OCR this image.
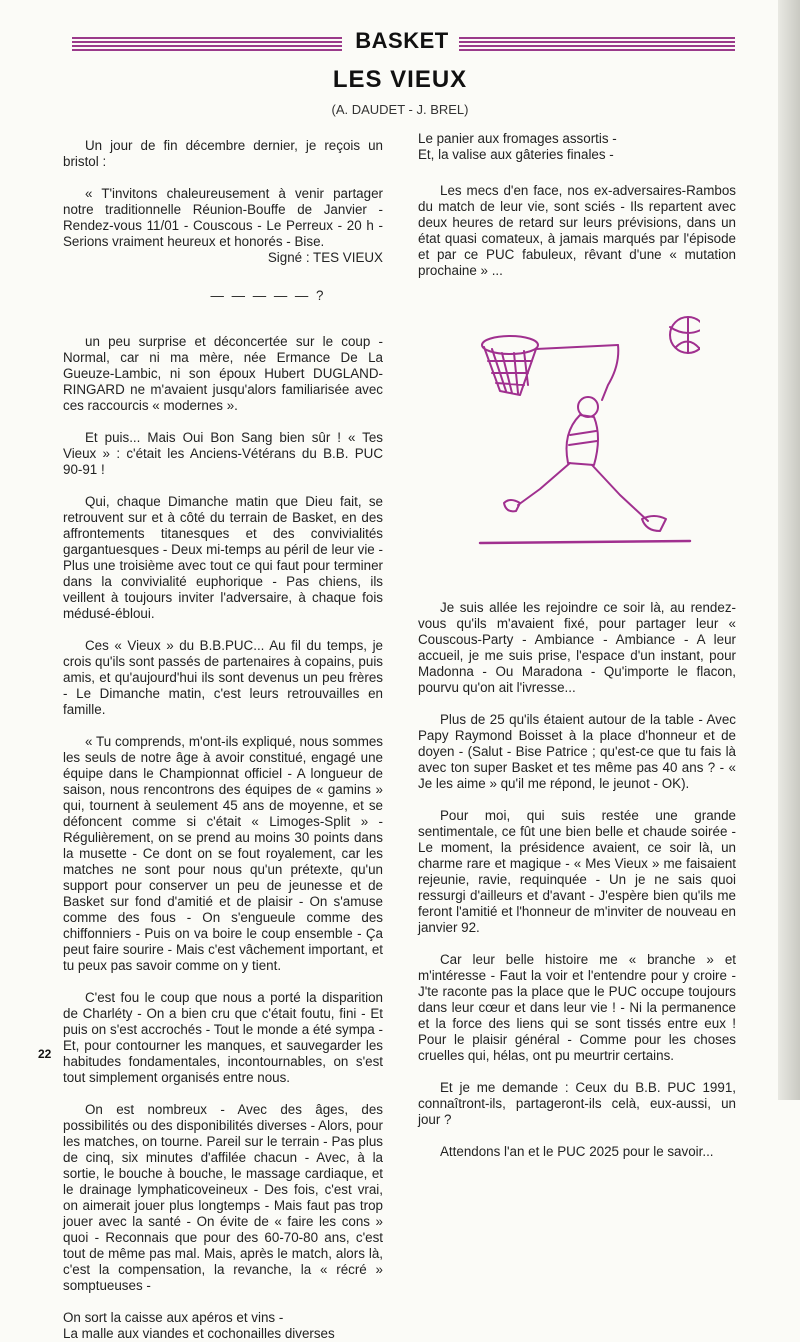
BASKET
LES VIEUX
(A. DAUDET - J. BREL)

Un jour de fin décembre dernier, je reçois un bristol :

« T'invitons chaleureusement à venir partager notre traditionnelle Réunion-Bouffe de Janvier - Rendez-vous 11/01 - Couscous - Le Perreux - 20 h - Serions vraiment heureux et honorés - Bise.

Signé : TES VIEUX
— — — — — ?

un peu surprise et déconcertée sur le coup - Normal, car ni ma mère, née Ermance De La Gueuze-Lambic, ni son époux Hubert DUGLAND-RINGARD ne m'avaient jusqu'alors familiarisée avec ces raccourcis « modernes ».

Et puis... Mais Oui Bon Sang bien sûr ! « Tes Vieux » : c'était les Anciens-Vétérans du B.B. PUC 90-91 !

Qui, chaque Dimanche matin que Dieu fait, se retrouvent sur et à côté du terrain de Basket, en des affrontements titanesques et des convivialités gargantuesques - Deux mi-temps au péril de leur vie - Plus une troisième avec tout ce qui faut pour terminer dans la convivialité euphorique - Pas chiens, ils veillent à toujours inviter l'adversaire, à chaque fois médusé-ébloui.

Ces « Vieux » du B.B.PUC... Au fil du temps, je crois qu'ils sont passés de partenaires à copains, puis amis, et qu'aujourd'hui ils sont devenus un peu frères - Le Dimanche matin, c'est leurs retrouvailles en famille.

« Tu comprends, m'ont-ils expliqué, nous sommes les seuls de notre âge à avoir constitué, engagé une équipe dans le Championnat officiel - A longueur de saison, nous rencontrons des équipes de « gamins » qui, tournent à seulement 45 ans de moyenne, et se défoncent comme si c'était « Limoges-Split » - Régulièrement, on se prend au moins 30 points dans la musette - Ce dont on se fout royalement, car les matches ne sont pour nous qu'un prétexte, qu'un support pour conserver un peu de jeunesse et de Basket sur fond d'amitié et de plaisir - On s'amuse comme des fous - On s'engueule comme des chiffonniers - Puis on va boire le coup ensemble - Ça peut faire sourire - Mais c'est vâchement important, et tu peux pas savoir comme on y tient.

C'est fou le coup que nous a porté la disparition de Charléty - On a bien cru que c'était foutu, fini - Et puis on s'est accrochés - Tout le monde a été sympa - Et, pour contourner les manques, et sauvegarder les habitudes fondamentales, incontournables, on s'est tout simplement organisés entre nous.

On est nombreux - Avec des âges, des possibilités ou des disponibilités diverses - Alors, pour les matches, on tourne. Pareil sur le terrain - Pas plus de cinq, six minutes d'affilée chacun - Avec, à la sortie, le bouche à bouche, le massage cardiaque, et le drainage lymphaticoveineux - Des fois, c'est vrai, on aimerait jouer plus longtemps - Mais faut pas trop jouer avec la santé - On évite de « faire les cons » quoi - Reconnais que pour des 60-70-80 ans, c'est tout de même pas mal. Mais, après le match, alors là, c'est la compensation, la revanche, la « récré » somptueuses -

On sort la caisse aux apéros et vins -

La malle aux viandes et cochonailles diverses

Le panier aux fromages assortis -

Et, la valise aux gâteries finales -

Les mecs d'en face, nos ex-adversaires-Rambos du match de leur vie, sont sciés - Ils repartent avec deux heures de retard sur leurs prévisions, dans un état quasi comateux, à jamais marqués par l'épisode et par ce PUC fabuleux, rêvant d'une « mutation prochaine » ...

Je suis allée les rejoindre ce soir là, au rendez-vous qu'ils m'avaient fixé, pour partager leur « Couscous-Party - Ambiance - Ambiance - A leur accueil, je me suis prise, l'espace d'un instant, pour Madonna - Ou Maradona - Qu'importe le flacon, pourvu qu'on ait l'ivresse...

Plus de 25 qu'ils étaient autour de la table - Avec Papy Raymond Boisset à la place d'honneur et de doyen - (Salut - Bise Patrice ; qu'est-ce que tu fais là avec ton super Basket et tes même pas 40 ans ? - « Je les aime » qu'il me répond, le jeunot - OK).

Pour moi, qui suis restée une grande sentimentale, ce fût une bien belle et chaude soirée - Le moment, la présidence avaient, ce soir là, un charme rare et magique - « Mes Vieux » me faisaient rejeunie, ravie, requinquée - Un je ne sais quoi ressurgi d'ailleurs et d'avant - J'espère bien qu'ils me feront l'amitié et l'honneur de m'inviter de nouveau en janvier 92.

Car leur belle histoire me « branche » et m'intéresse - Faut la voir et l'entendre pour y croire - J'te raconte pas la place que le PUC occupe toujours dans leur cœur et dans leur vie ! - Ni la permanence et la force des liens qui se sont tissés entre eux ! Pour le plaisir général - Comme pour les choses cruelles qui, hélas, ont pu meurtrir certains.

Et je me demande : Ceux du B.B. PUC 1991, connaîtront-ils, partageront-ils celà, eux-aussi, un jour ?

Attendons l'an et le PUC 2025 pour le savoir...

22
